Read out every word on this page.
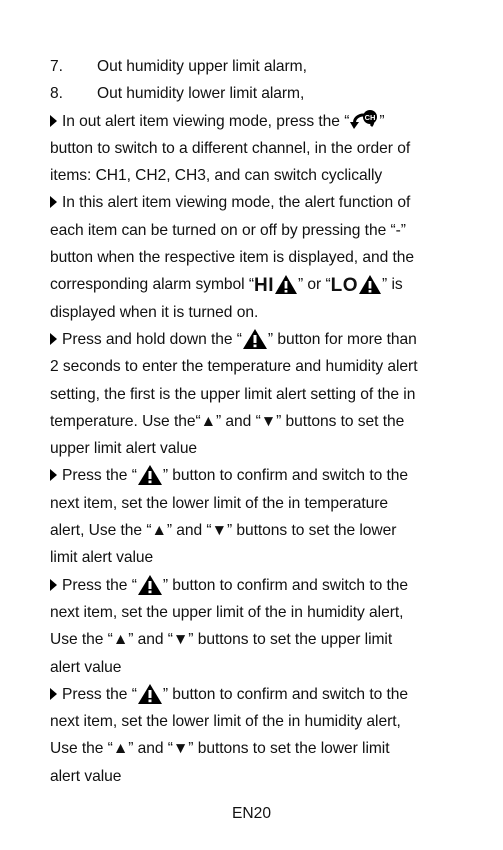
7. Out humidity upper limit alarm,
8. Out humidity lower limit alarm,
In out alert item viewing mode, press the “ CH ”
button to switch to a different channel, in the order of
items: CH1, CH2, CH3, and can switch cyclically
In this alert item viewing mode, the alert function of
each item can be turned on or off by pressing the “-”
button when the respective item is displayed, and the
corresponding alarm symbol “HI ” or “LO ” is
displayed when it is turned on.
Press and hold down the “ ” button for more than
2 seconds to enter the temperature and humidity alert
setting, the first is the upper limit alert setting of the in
temperature. Use the“▲” and “▼” buttons to set the
upper limit alert value
Press the “ ” button to confirm and switch to the
next item, set the lower limit of the in temperature
alert, Use the “▲” and “▼” buttons to set the lower
limit alert value
Press the “ ” button to confirm and switch to the
next item, set the upper limit of the in humidity alert,
Use the “▲” and “▼” buttons to set the upper limit
alert value
Press the “ ” button to confirm and switch to the
next item, set the lower limit of the in humidity alert,
Use the “▲” and “▼” buttons to set the lower limit
alert value
EN20
